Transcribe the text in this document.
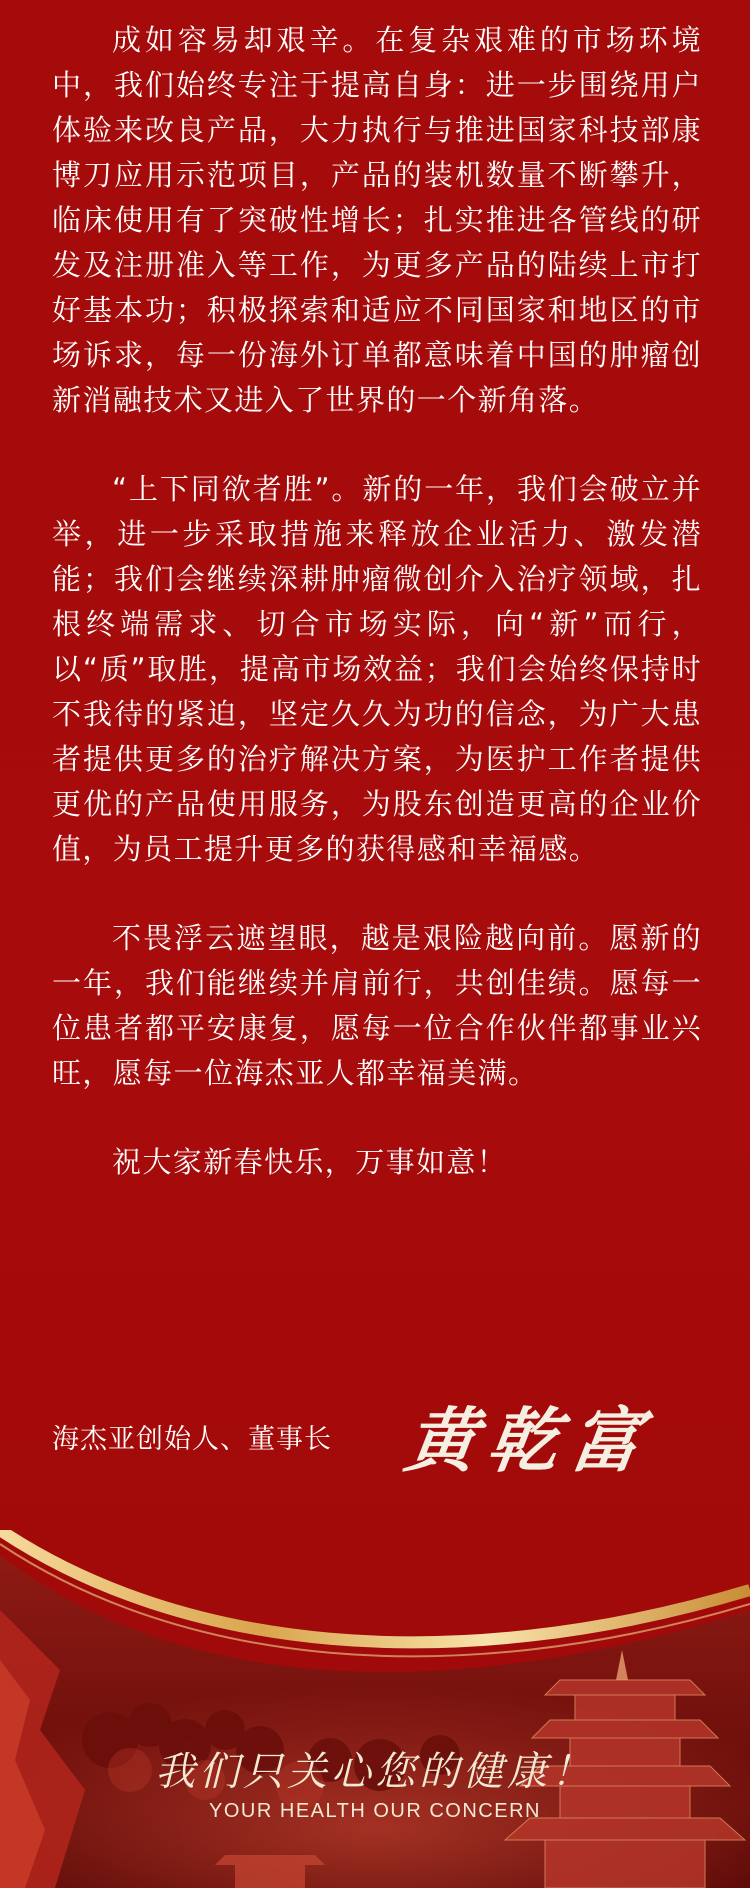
成如容易却艰辛。在复杂艰难的市场环境中，我们始终专注于提高自身：进一步围绕用户体验来改良产品，大力执行与推进国家科技部康博刀应用示范项目，产品的装机数量不断攀升，临床使用有了突破性增长；扎实推进各管线的研发及注册准入等工作，为更多产品的陆续上市打好基本功；积极探索和适应不同国家和地区的市场诉求，每一份海外订单都意味着中国的肿瘤创新消融技术又进入了世界的一个新角落。

“上下同欲者胜”。新的一年，我们会破立并举，进一步采取措施来释放企业活力、激发潜能；我们会继续深耕肿瘤微创介入治疗领域，扎根终端需求、切合市场实际，向“新”而行，以“质”取胜，提高市场效益；我们会始终保持时不我待的紧迫，坚定久久为功的信念，为广大患者提供更多的治疗解决方案，为医护工作者提供更优的产品使用服务，为股东创造更高的企业价值，为员工提升更多的获得感和幸福感。

不畏浮云遮望眼，越是艰险越向前。愿新的一年，我们能继续并肩前行，共创佳绩。愿每一位患者都平安康复，愿每一位合作伙伴都事业兴旺，愿每一位海杰亚人都幸福美满。

祝大家新春快乐，万事如意！

海杰亚创始人、董事长 黄乾富
我们只关心您的健康！
YOUR HEALTH OUR CONCERN
